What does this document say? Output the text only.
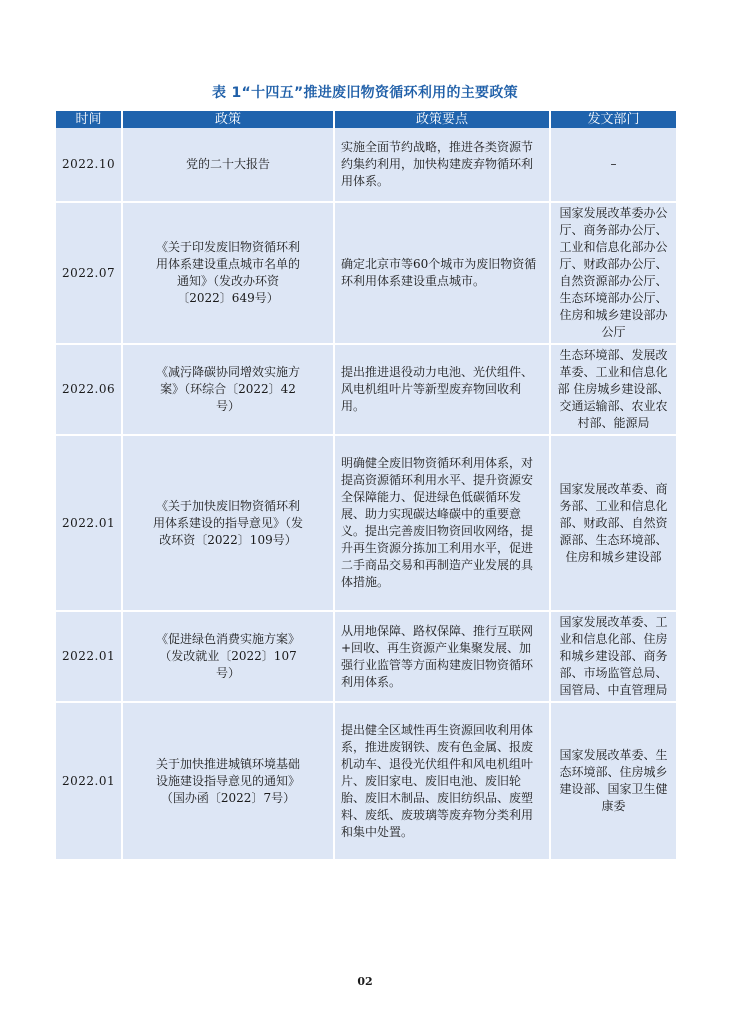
表 1“十四五”推进废旧物资循环利用的主要政策
时间	政策	政策要点	发文部门
2022.10	党的二十大报告	实施全面节约战略，推进各类资源节约集约利用，加快构建废弃物循环利用体系。	–
2022.07	《关于印发废旧物资循环利用体系建设重点城市名单的通知》（发改办环资〔2022〕649号）	确定北京市等60个城市为废旧物资循环利用体系建设重点城市。	国家发展改革委办公厅、商务部办公厅、工业和信息化部办公厅、财政部办公厅、自然资源部办公厅、生态环境部办公厅、住房和城乡建设部办公厅
2022.06	《减污降碳协同增效实施方案》（环综合〔2022〕42号）	提出推进退役动力电池、光伏组件、风电机组叶片等新型废弃物回收利用。	生态环境部、发展改革委、工业和信息化部 住房城乡建设部、交通运输部、农业农村部、能源局
2022.01	《关于加快废旧物资循环利用体系建设的指导意见》（发改环资〔2022〕109号）	明确健全废旧物资循环利用体系，对提高资源循环利用水平、提升资源安全保障能力、促进绿色低碳循环发展、助力实现碳达峰碳中的重要意义。提出完善废旧物资回收网络，提升再生资源分拣加工利用水平，促进二手商品交易和再制造产业发展的具体措施。	国家发展改革委、商务部、工业和信息化部、财政部、自然资源部、生态环境部、住房和城乡建设部
2022.01	《促进绿色消费实施方案》（发改就业〔2022〕107号）	从用地保障、路权保障、推行互联网+回收、再生资源产业集聚发展、加强行业监管等方面构建废旧物资循环利用体系。	国家发展改革委、工业和信息化部、住房和城乡建设部、商务部、市场监管总局、国管局、中直管理局
2022.01	关于加快推进城镇环境基础设施建设指导意见的通知》（国办函〔2022〕7号）	提出健全区域性再生资源回收利用体系，推进废钢铁、废有色金属、报废机动车、退役光伏组件和风电机组叶片、废旧家电、废旧电池、废旧轮胎、废旧木制品、废旧纺织品、废塑料、废纸、废玻璃等废弃物分类利用和集中处置。	国家发展改革委、生态环境部、住房城乡建设部、国家卫生健康委
02
